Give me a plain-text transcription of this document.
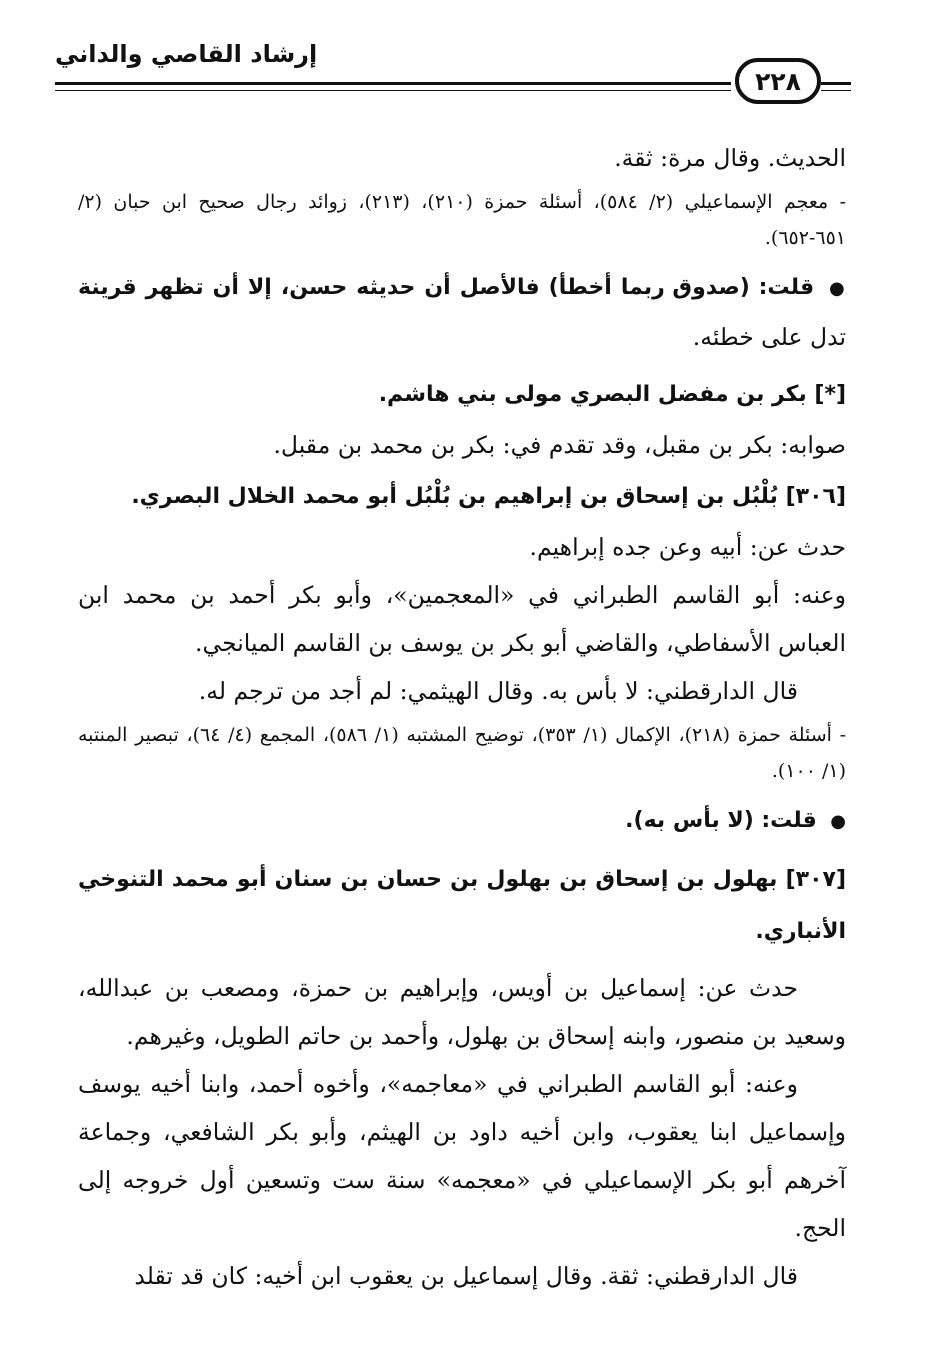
إرشاد القاصي والداني
٢٢٨

الحديث. وقال مرة: ثقة.

- معجم الإسماعيلي (٢/ ٥٨٤)، أسئلة حمزة (٢١٠)، (٢١٣)، زوائد رجال صحيح ابن حبان (٢/ ٦٥١-٦٥٢).

● قلت: (صدوق ربما أخطأ) فالأصل أن حديثه حسن، إلا أن تظهر قرينة تدل على خطئه.

[*] بكر بن مفضل البصري مولى بني هاشم.

صوابه: بكر بن مقبل، وقد تقدم في: بكر بن محمد بن مقبل.

[٣٠٦] بُلْبُل بن إسحاق بن إبراهيم بن بُلْبُل أبو محمد الخلال البصري.

حدث عن: أبيه وعن جده إبراهيم.

وعنه: أبو القاسم الطبراني في «المعجمين»، وأبو بكر أحمد بن محمد ابن العباس الأسفاطي، والقاضي أبو بكر بن يوسف بن القاسم الميانجي.

قال الدارقطني: لا بأس به. وقال الهيثمي: لم أجد من ترجم له.

- أسئلة حمزة (٢١٨)، الإكمال (١/ ٣٥٣)، توضيح المشتبه (١/ ٥٨٦)، المجمع (٤/ ٦٤)، تبصير المنتبه (١/ ١٠٠).

● قلت: (لا بأس به).

[٣٠٧] بهلول بن إسحاق بن بهلول بن حسان بن سنان أبو محمد التنوخي الأنباري.

حدث عن: إسماعيل بن أويس، وإبراهيم بن حمزة، ومصعب بن عبدالله، وسعيد بن منصور، وابنه إسحاق بن بهلول، وأحمد بن حاتم الطويل، وغيرهم.

وعنه: أبو القاسم الطبراني في «معاجمه»، وأخوه أحمد، وابنا أخيه يوسف وإسماعيل ابنا يعقوب، وابن أخيه داود بن الهيثم، وأبو بكر الشافعي، وجماعة آخرهم أبو بكر الإسماعيلي في «معجمه» سنة ست وتسعين أول خروجه إلى الحج.

قال الدارقطني: ثقة. وقال إسماعيل بن يعقوب ابن أخيه: كان قد تقلد
